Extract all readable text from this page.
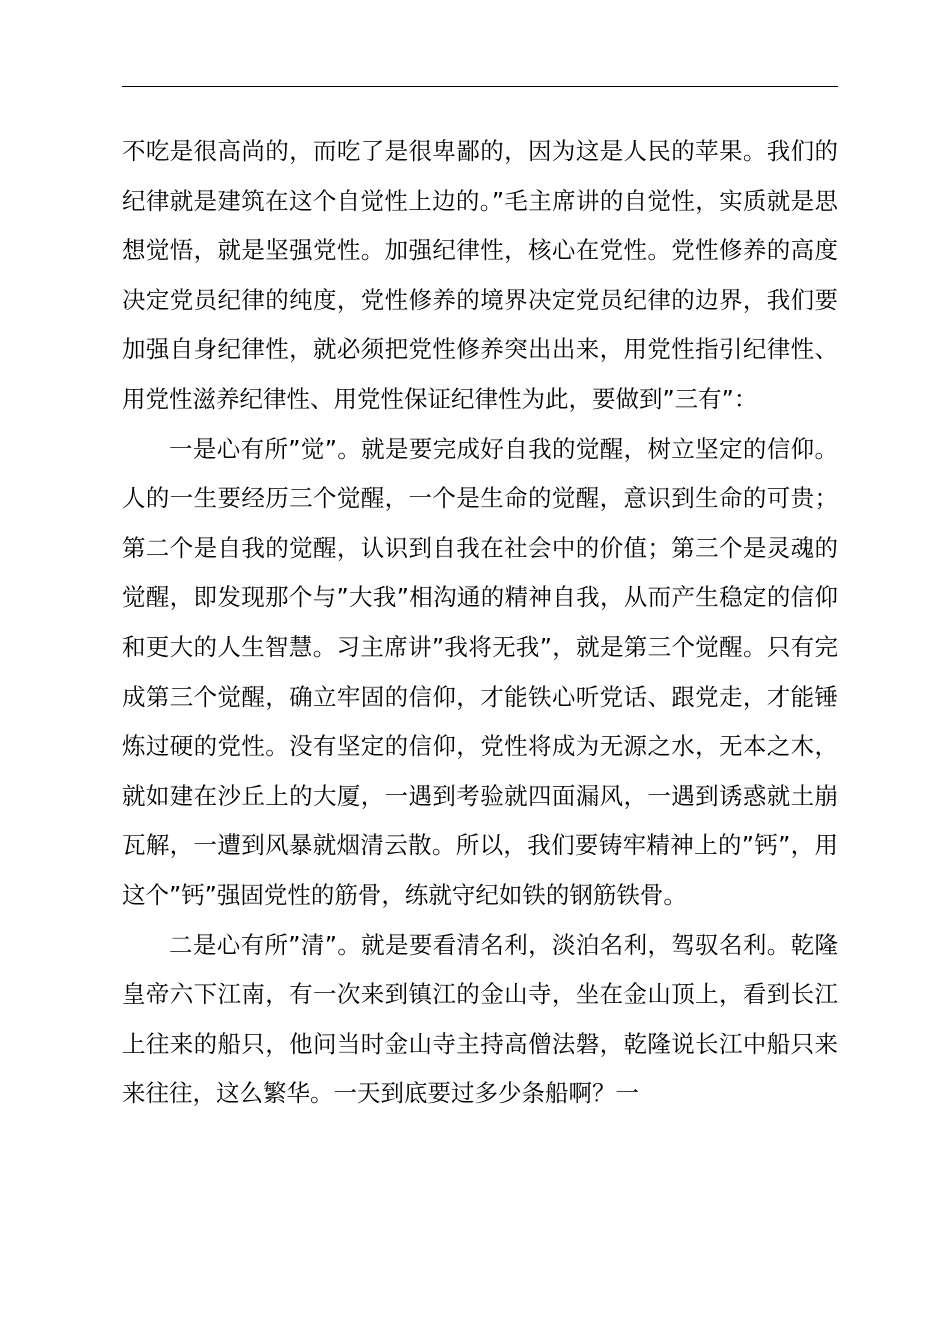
不吃是很高尚的，而吃了是很卑鄙的，因为这是人民的苹果。我们的纪律就是建筑在这个自觉性上边的。”毛主席讲的自觉性，实质就是思想觉悟，就是坚强党性。加强纪律性，核心在党性。党性修养的高度决定党员纪律的纯度，党性修养的境界决定党员纪律的边界，我们要加强自身纪律性，就必须把党性修养突出出来，用党性指引纪律性、用党性滋养纪律性、用党性保证纪律性为此，要做到”三有”：

一是心有所”觉”。就是要完成好自我的觉醒，树立坚定的信仰。人的一生要经历三个觉醒，一个是生命的觉醒，意识到生命的可贵；第二个是自我的觉醒，认识到自我在社会中的价值；第三个是灵魂的觉醒，即发现那个与”大我”相沟通的精神自我，从而产生稳定的信仰和更大的人生智慧。习主席讲”我将无我”，就是第三个觉醒。只有完成第三个觉醒，确立牢固的信仰，才能铁心听党话、跟党走，才能锤炼过硬的党性。没有坚定的信仰，党性将成为无源之水，无本之木，就如建在沙丘上的大厦，一遇到考验就四面漏风，一遇到诱惑就土崩瓦解，一遭到风暴就烟清云散。所以，我们要铸牢精神上的”钙”，用这个”钙”强固党性的筋骨，练就守纪如铁的钢筋铁骨。

二是心有所”清”。就是要看清名利，淡泊名利，驾驭名利。乾隆皇帝六下江南，有一次来到镇江的金山寺，坐在金山顶上，看到长江上往来的船只，他问当时金山寺主持高僧法磐，乾隆说长江中船只来来往往，这么繁华。一天到底要过多少条船啊？一
